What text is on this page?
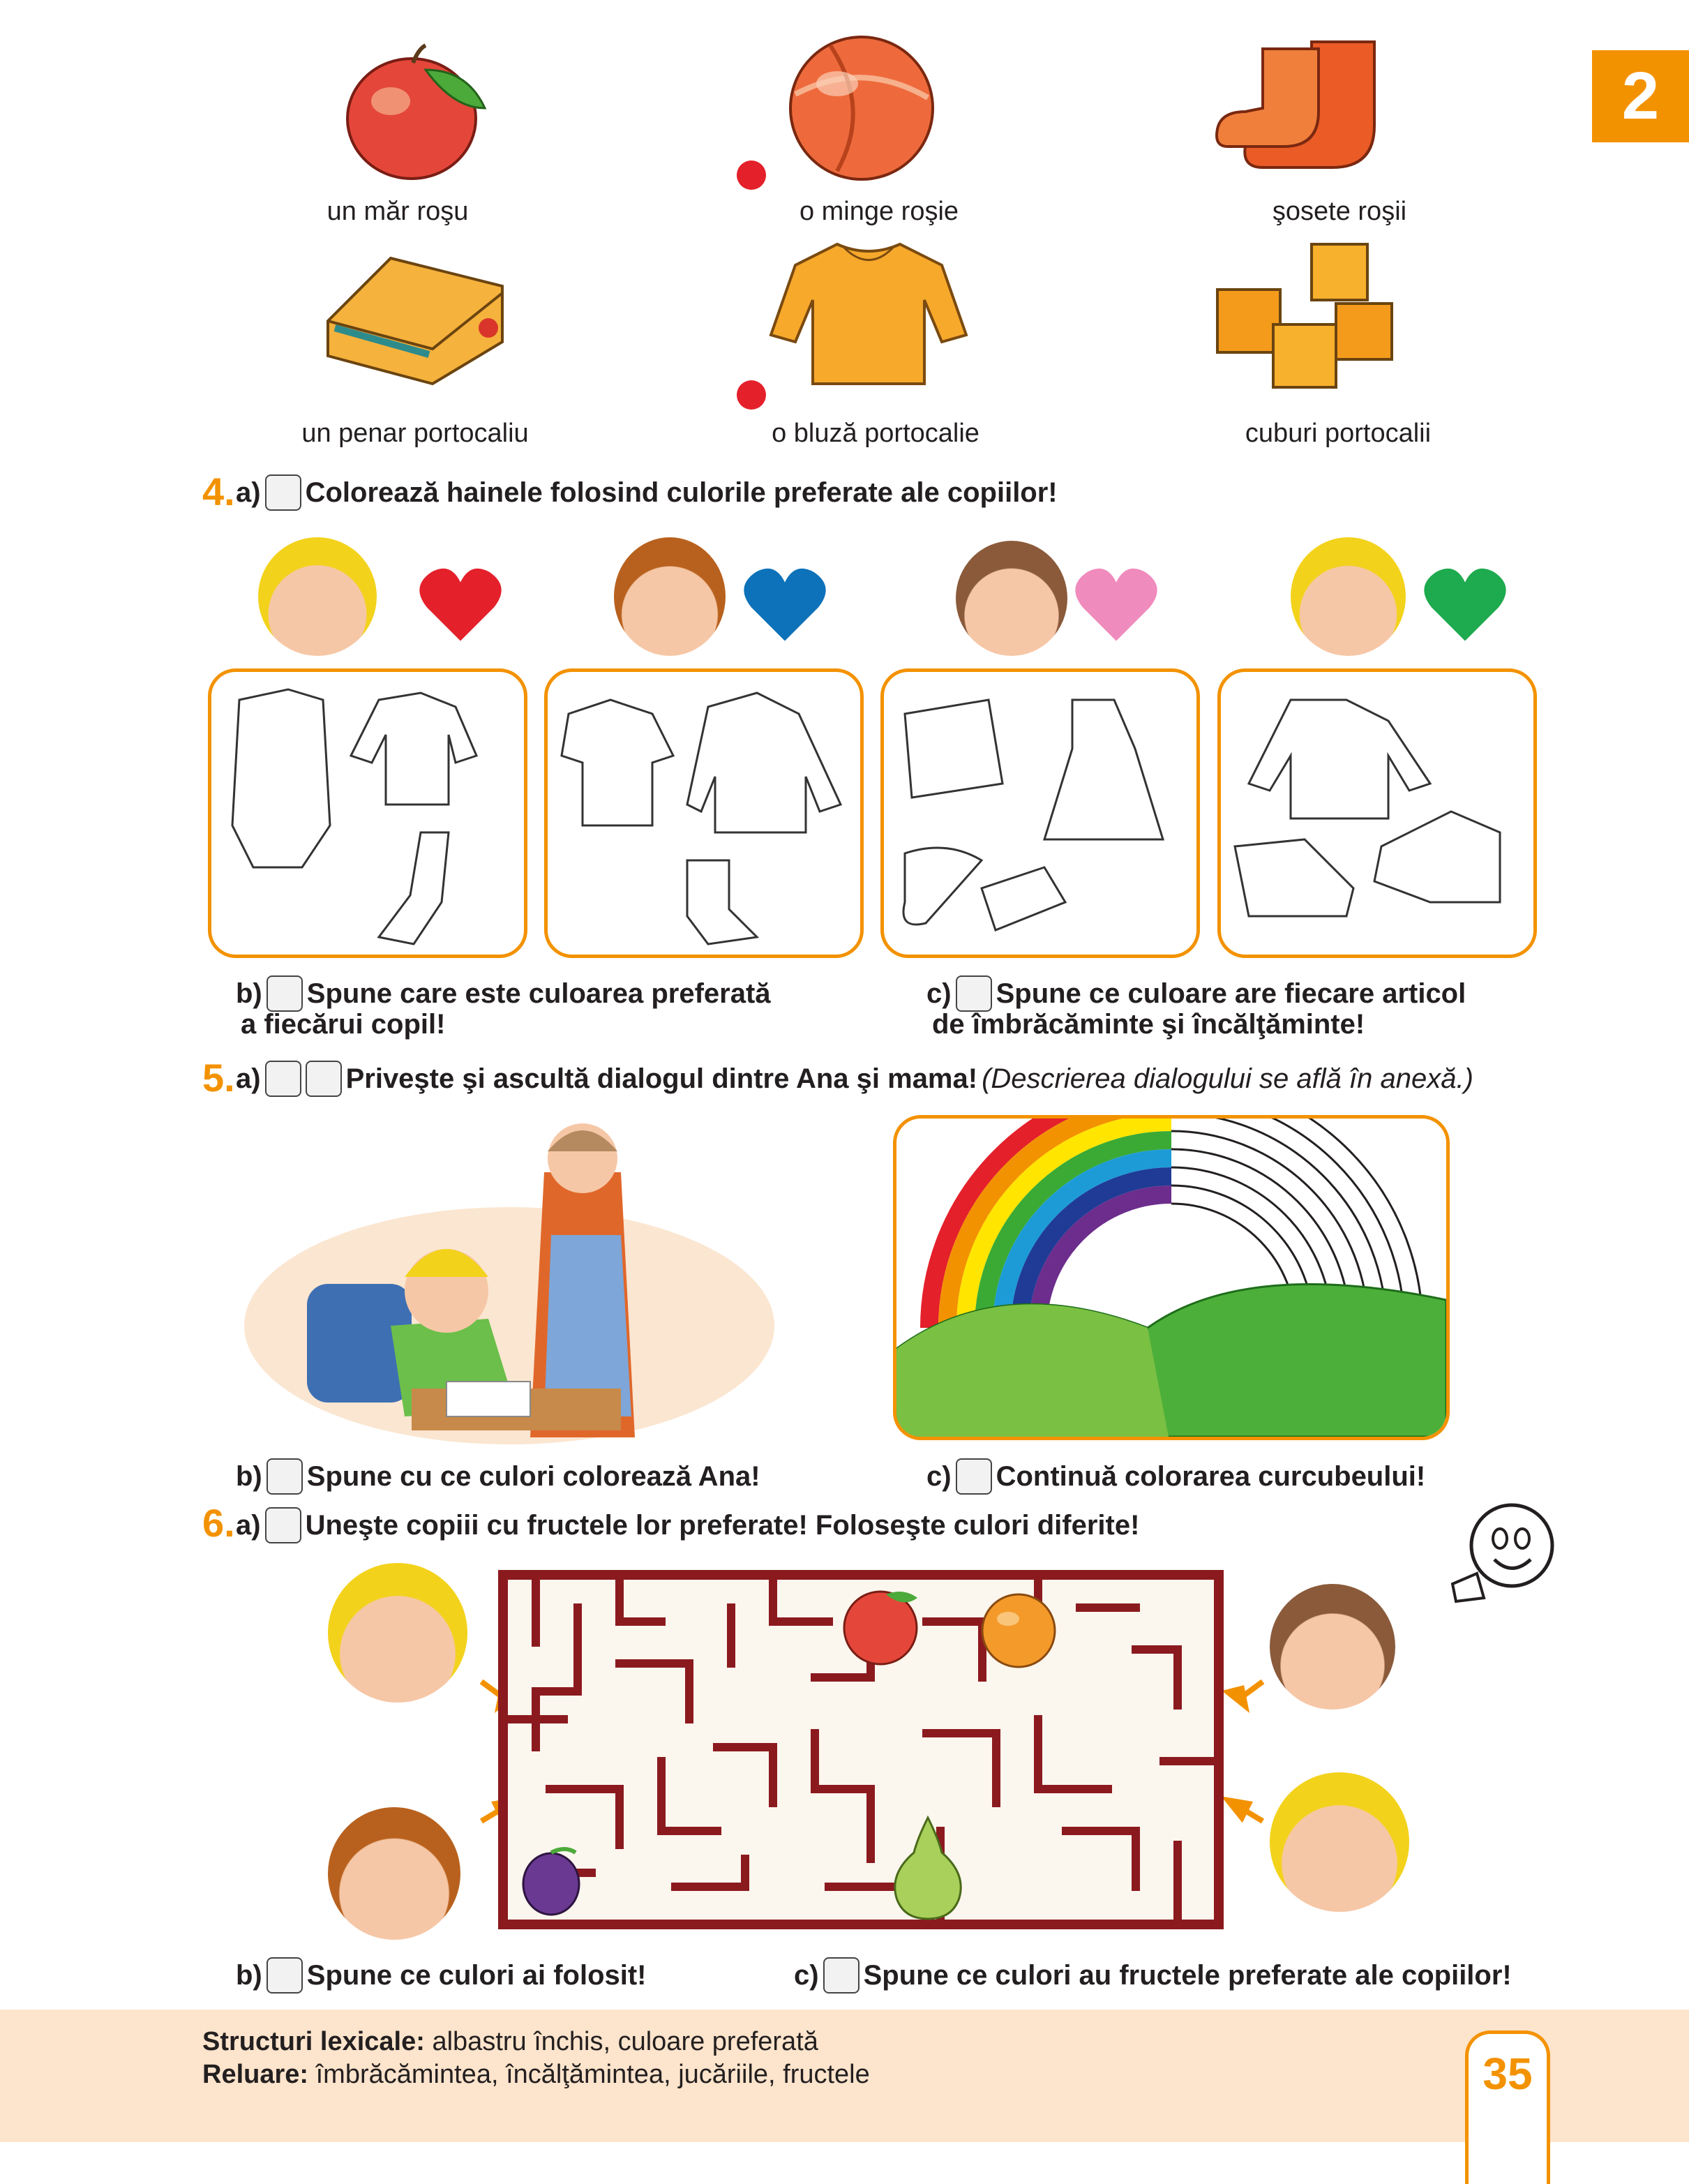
2
un măr roşu	o minge roşie	şosete roşii
un penar portocaliu	o bluză portocalie	cuburi portocalii
4. a) Colorează hainele folosind culorile preferate ale copiilor!
b) Spune care este culoarea preferată
a fiecărui copil!
c) Spune ce culoare are fiecare articol
de îmbrăcăminte şi încălţăminte!
5. a)	Priveşte şi ascultă dialogul dintre Ana şi mama! (Descrierea dialogului se află în anexă.)
b) Spune cu ce culori colorează Ana!	c) Continuă colorarea curcubeului!
6. a) Uneşte copiii cu fructele lor preferate! Foloseşte culori diferite!
b) Spune ce culori ai folosit!	c) Spune ce culori au fructele preferate ale copiilor!
Structuri lexicale: albastru închis, culoare preferată
Reluare: îmbrăcămintea, încălţămintea, jucăriile, fructele	35
